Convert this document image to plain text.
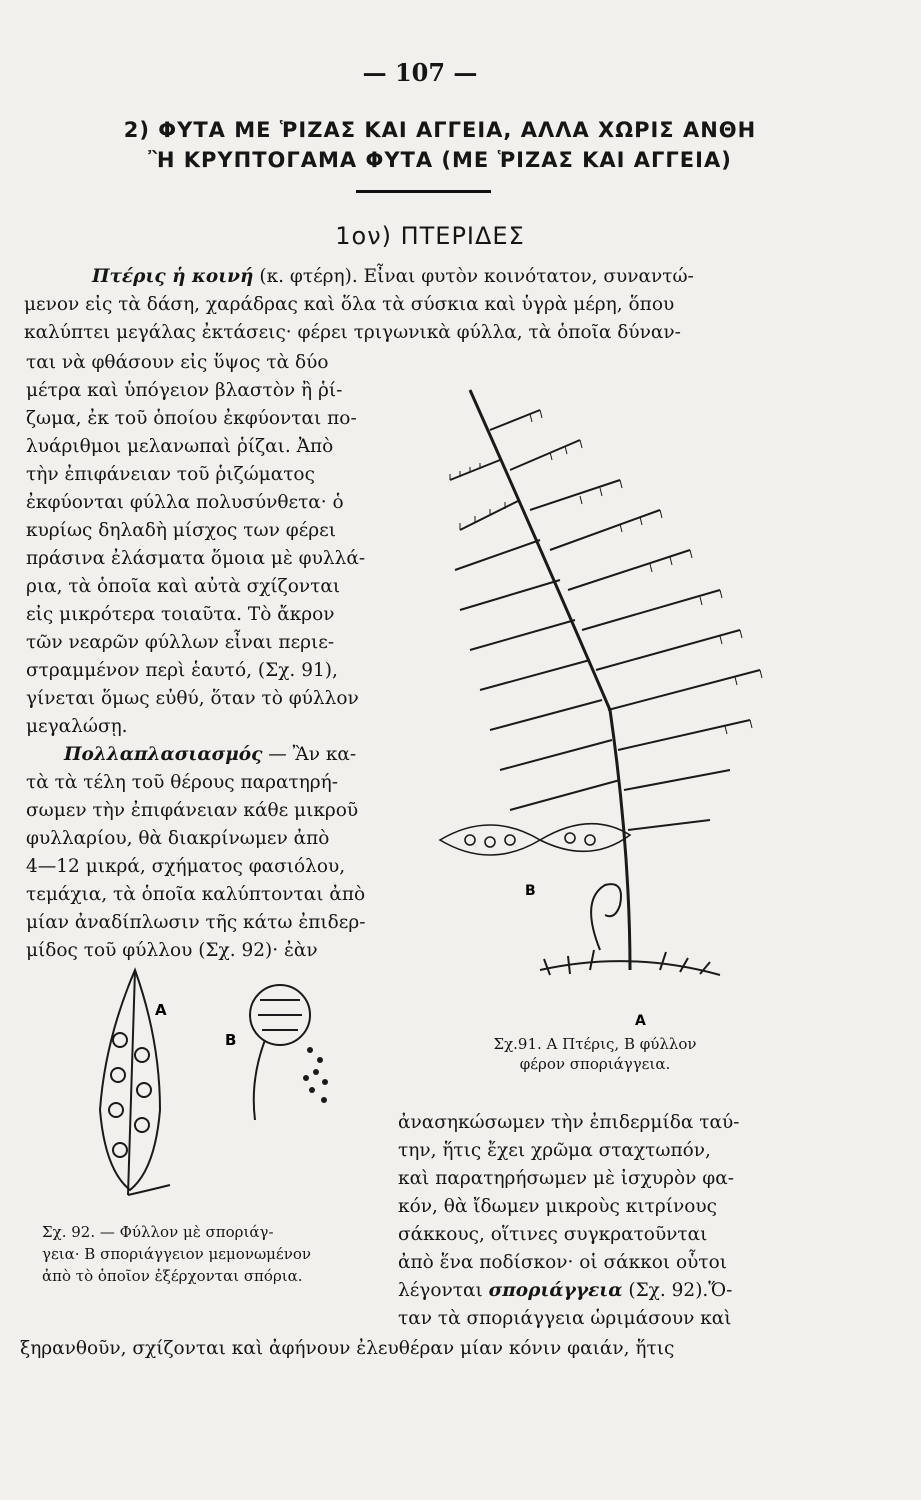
— 107 —
2) ΦΥΤΑ ΜΕ ῬΙΖΑΣ ΚΑΙ ΑΓΓΕΙΑ, ΑΛΛΑ ΧΩΡΙΣ ΑΝΘΗ
Ἢ ΚΡΥΠΤΟΓΑΜΑ ΦΥΤΑ (ΜΕ ῬΙΖΑΣ ΚΑΙ ΑΓΓΕΙΑ)
1ον) ΠΤΕΡΙΔΕΣ
Πτέρις ἡ κοινή (κ. φτέρη). Εἶναι φυτὸν κοινότατον, συναντώ-
μενον εἰς τὰ δάση, χαράδρας καὶ ὅλα τὰ σύσκια καὶ ὑγρὰ μέρη, ὅπου
καλύπτει μεγάλας ἐκτάσεις· φέρει τριγωνικὰ φύλλα, τὰ ὁποῖα δύναν-
ται νὰ φθάσουν εἰς ὕψος τὰ δύο
μέτρα καὶ ὑπόγειον βλαστὸν ἢ ῥί-
ζωμα, ἐκ τοῦ ὁποίου ἐκφύονται πο-
λυάριθμοι μελανωπαὶ ῥίζαι. Ἀπὸ
τὴν ἐπιφάνειαν τοῦ ῥιζώματος
ἐκφύονται φύλλα πολυσύνθετα· ὁ
κυρίως δηλαδὴ μίσχος των φέρει
πράσινα ἐλάσματα ὅμοια μὲ φυλλά-
ρια, τὰ ὁποῖα καὶ αὐτὰ σχίζονται
εἰς μικρότερα τοιαῦτα. Τὸ ἄκρον
τῶν νεαρῶν φύλλων εἶναι περιε-
στραμμένον περὶ ἑαυτό, (Σχ. 91),
γίνεται ὅμως εὐθύ, ὅταν τὸ φύλλον
μεγαλώσῃ.
Πολλαπλασιασμός — Ἂν κα-
τὰ τὰ τέλη τοῦ θέρους παρατηρή-
σωμεν τὴν ἐπιφάνειαν κάθε μικροῦ
φυλλαρίου, θὰ διακρίνωμεν ἀπὸ
4—12 μικρά, σχήματος φασιόλου,
τεμάχια, τὰ ὁποῖα καλύπτονται ἀπὸ
μίαν ἀναδίπλωσιν τῆς κάτω ἐπιδερ-
μίδος τοῦ φύλλου (Σχ. 92)· ἐὰν
Β
Α
Σχ.91. Α Πτέρις, Β φύλλον
φέρον σποριάγγεια.
Α
Β
Σχ. 92. — Φύλλον μὲ σποριάγ-
γεια· Β σποριάγγειον μεμονωμένον
ἀπὸ τὸ ὁποῖον ἐξέρχονται σπόρια.
ἀνασηκώσωμεν τὴν ἐπιδερμίδα ταύ-
την, ἥτις ἔχει χρῶμα σταχτωπόν,
καὶ παρατηρήσωμεν μὲ ἰσχυρὸν φα-
κόν, θὰ ἴδωμεν μικροὺς κιτρίνους
σάκκους, οἵτινες συγκρατοῦνται
ἀπὸ ἕνα ποδίσκον· οἱ σάκκοι οὗτοι
λέγονται σποριάγγεια (Σχ. 92).Ὅ-
ταν τὰ σποριάγγεια ὡριμάσουν καὶ
ξηρανθοῦν, σχίζονται καὶ ἀφήνουν ἐλευθέραν μίαν κόνιν φαιάν, ἥτις
